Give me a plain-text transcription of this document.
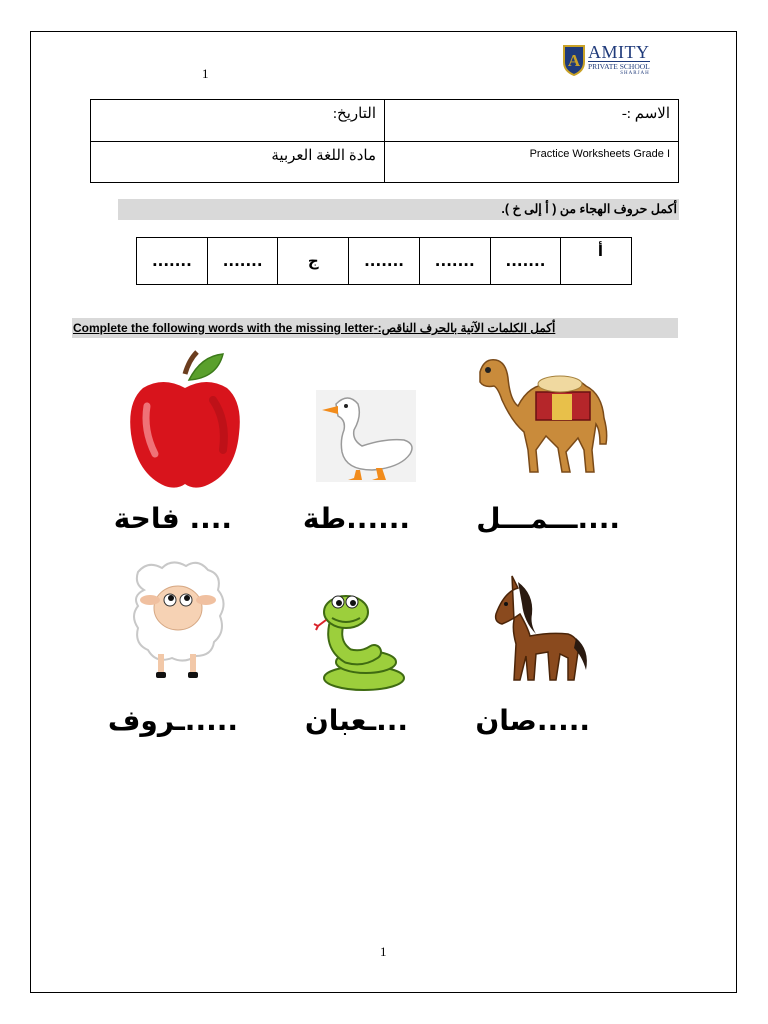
1
A AMITY
PRIVATE SCHOOL
SHARJAH
التاريخ:	الاسم :-
مادة اللغة العربية	Practice Worksheets Grade I
أكمل حروف الهجاء من ( أ إلى خ ).
أ	.......	.......	.......	ج	.......	.......
Complete the following words with the missing letterأكمل الكلمات الآتية بالحرف الناقص:-
....ـــمـــل
......طة
.... فاحة
.....صان
...ـعبان
.....ـروف
1
